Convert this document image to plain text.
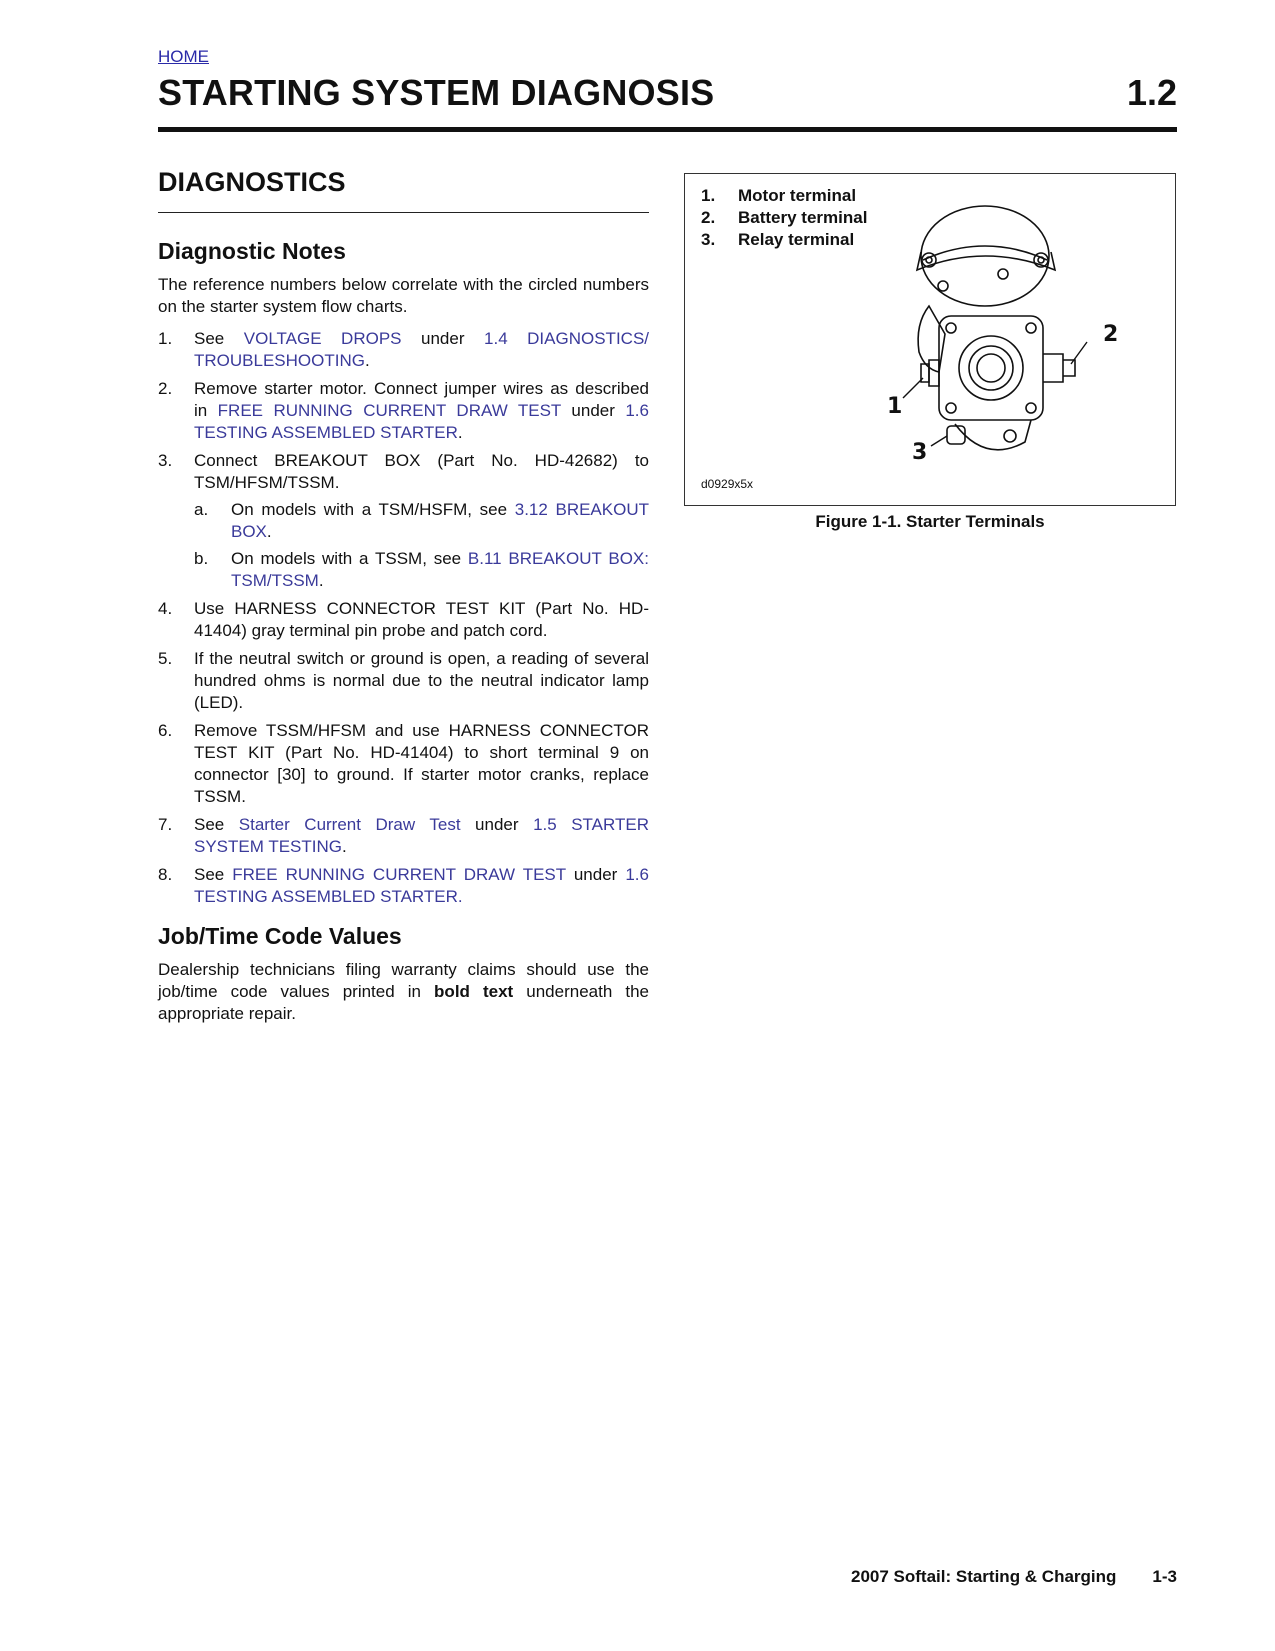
HOME
STARTING SYSTEM DIAGNOSIS	1.2
DIAGNOSTICS
Diagnostic Notes

The reference numbers below correlate with the circled numbers on the starter system flow charts.

1. See VOLTAGE DROPS under 1.4 DIAGNOSTICS/ TROUBLESHOOTING.
2. Remove starter motor. Connect jumper wires as described in FREE RUNNING CURRENT DRAW TEST under 1.6 TESTING ASSEMBLED STARTER.
3. Connect BREAKOUT BOX (Part No. HD-42682) to TSM/HFSM/TSSM.
a. On models with a TSM/HSFM, see 3.12 BREAKOUT BOX.
b. On models with a TSSM, see B.11 BREAKOUT BOX: TSM/TSSM.
4. Use HARNESS CONNECTOR TEST KIT (Part No. HD-41404) gray terminal pin probe and patch cord.
5. If the neutral switch or ground is open, a reading of several hundred ohms is normal due to the neutral indicator lamp (LED).
6. Remove TSSM/HFSM and use HARNESS CONNECTOR TEST KIT (Part No. HD-41404) to short terminal 9 on connector [30] to ground. If starter motor cranks, replace TSSM.
7. See Starter Current Draw Test under 1.5 STARTER SYSTEM TESTING.
8. See FREE RUNNING CURRENT DRAW TEST under 1.6 TESTING ASSEMBLED STARTER.
Job/Time Code Values

Dealership technicians filing warranty claims should use the job/time code values printed in bold text underneath the appropriate repair.

1. Motor terminal
2. Battery terminal
3. Relay terminal
1
2
3
d0929x5x
Figure 1-1. Starter Terminals
2007 Softail: Starting & Charging 1-3
